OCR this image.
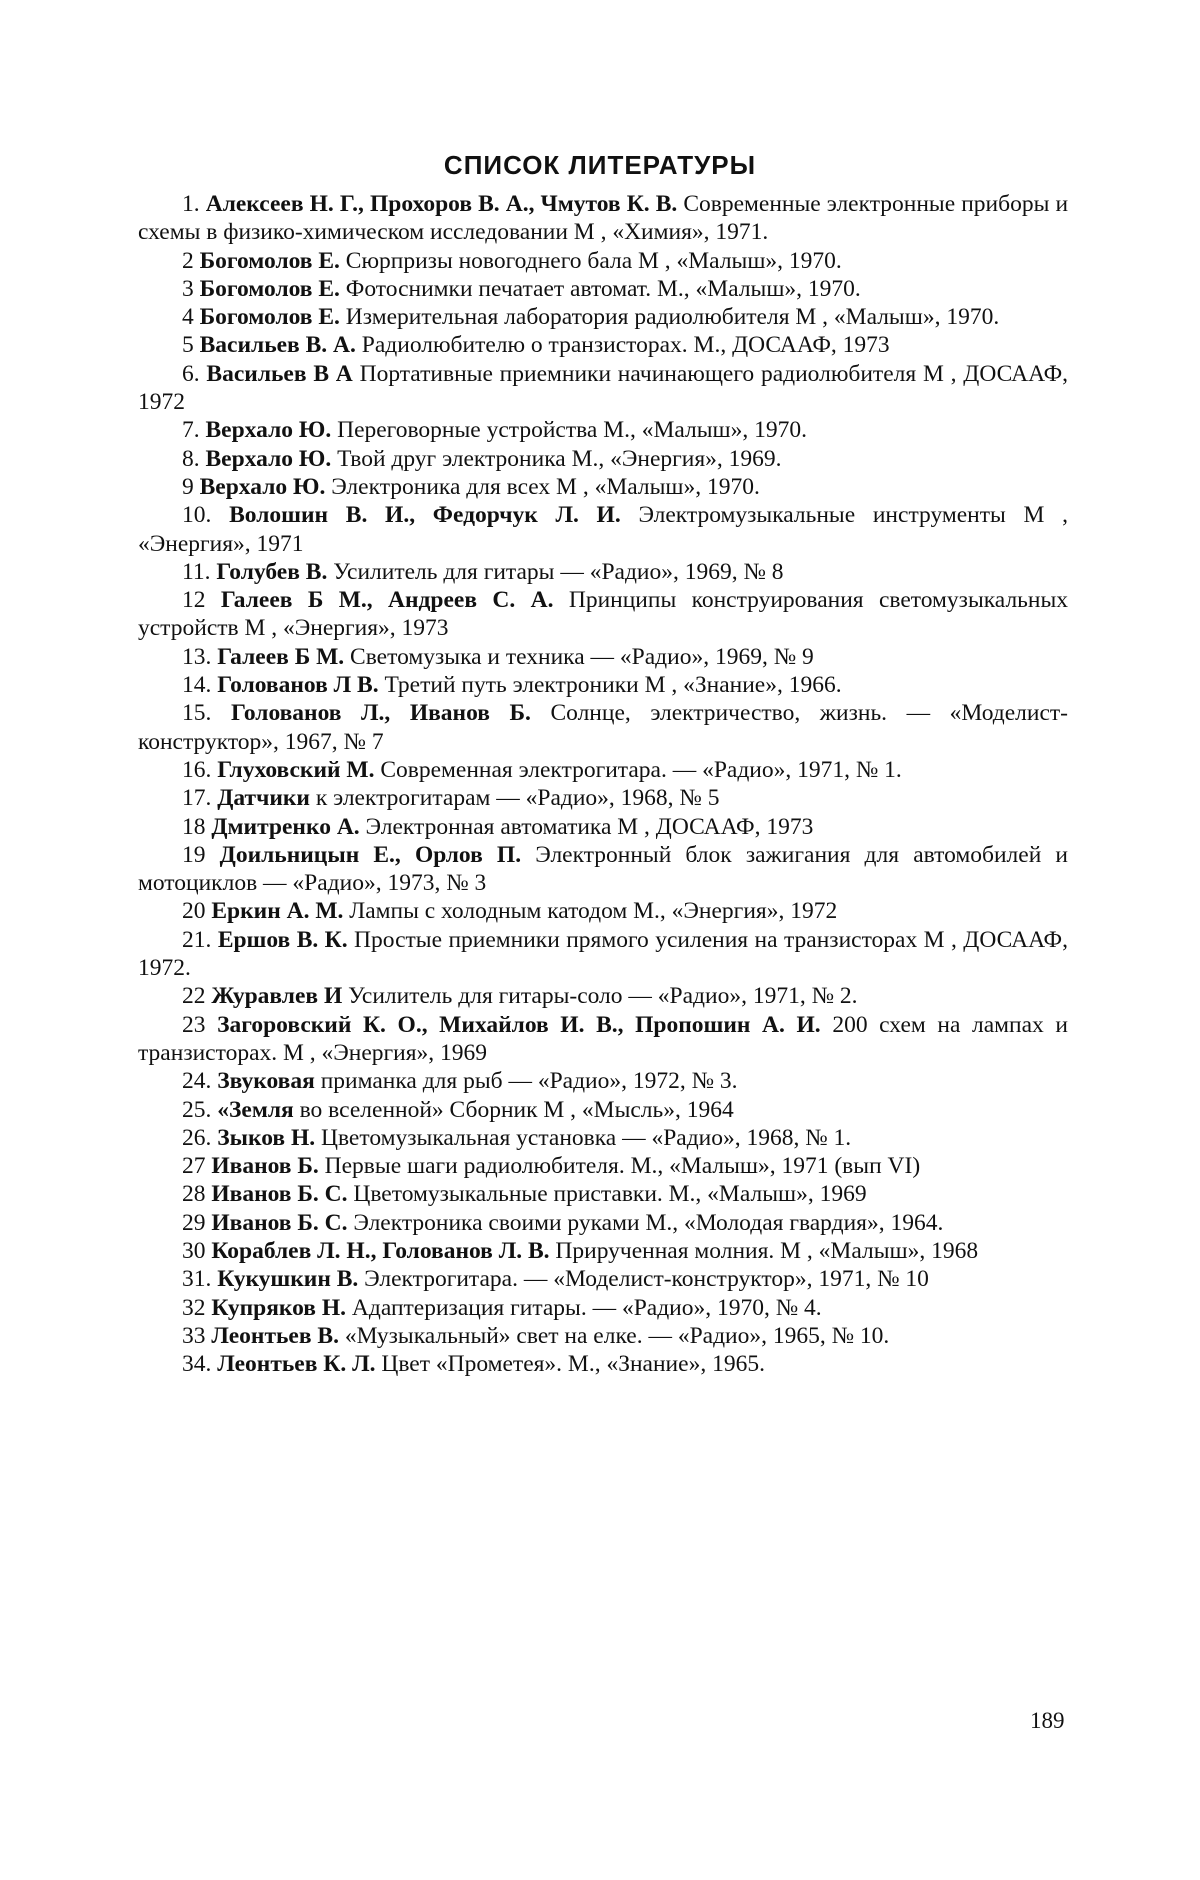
СПИСОК ЛИТЕРАТУРЫ

1. Алексеев Н. Г., Прохоров В. А., Чмутов К. В. Современные электронные приборы и схемы в физико-химическом исследовании М , «Химия», 1971.

2 Богомолов Е. Сюрпризы новогоднего бала М , «Малыш», 1970.

3 Богомолов Е. Фотоснимки печатает автомат. М., «Малыш», 1970.

4 Богомолов Е. Измерительная лаборатория радиолюбителя М , «Малыш», 1970.

5 Васильев В. А. Радиолюбителю о транзисторах. М., ДОСААФ, 1973

6. Васильев В А Портативные приемники начинающего радиолюбителя М , ДОСААФ, 1972

7. Верхало Ю. Переговорные устройства М., «Малыш», 1970.

8. Верхало Ю. Твой друг электроника М., «Энергия», 1969.

9 Верхало Ю. Электроника для всех М , «Малыш», 1970.

10. Волошин В. И., Федорчук Л. И. Электромузыкальные инструменты М , «Энергия», 1971

11. Голубев В. Усилитель для гитары — «Радио», 1969, № 8

12 Галеев Б М., Андреев С. А. Принципы конструирования светомузыкальных устройств М , «Энергия», 1973

13. Галеев Б М. Светомузыка и техника — «Радио», 1969, № 9

14. Голованов Л В. Третий путь электроники М , «Знание», 1966.

15. Голованов Л., Иванов Б. Солнце, электричество, жизнь. — «Моделист-конструктор», 1967, № 7

16. Глуховский М. Современная электрогитара. — «Радио», 1971, № 1.

17. Датчики к электрогитарам — «Радио», 1968, № 5

18 Дмитренко А. Электронная автоматика М , ДОСААФ, 1973

19 Доильницын Е., Орлов П. Электронный блок зажигания для автомобилей и мотоциклов — «Радио», 1973, № 3

20 Еркин А. М. Лампы с холодным катодом М., «Энергия», 1972

21. Ершов В. К. Простые приемники прямого усиления на транзисторах М , ДОСААФ, 1972.

22 Журавлев И Усилитель для гитары-соло — «Радио», 1971, № 2.

23 Загоровский К. О., Михайлов И. В., Пропошин А. И. 200 схем на лампах и транзисторах. М , «Энергия», 1969

24. Звуковая приманка для рыб — «Радио», 1972, № 3.

25. «Земля во вселенной» Сборник М , «Мысль», 1964

26. Зыков Н. Цветомузыкальная установка — «Радио», 1968, № 1.

27 Иванов Б. Первые шаги радиолюбителя. М., «Малыш», 1971 (вып VI)

28 Иванов Б. С. Цветомузыкальные приставки. М., «Малыш», 1969

29 Иванов Б. С. Электроника своими руками М., «Молодая гвардия», 1964.

30 Кораблев Л. Н., Голованов Л. В. Прирученная молния. М , «Малыш», 1968

31. Кукушкин В. Электрогитара. — «Моделист-конструктор», 1971, № 10

32 Купряков Н. Адаптеризация гитары. — «Радио», 1970, № 4.

33 Леонтьев В. «Музыкальный» свет на елке. — «Радио», 1965, № 10.

34. Леонтьев К. Л. Цвет «Прометея». М., «Знание», 1965.

189
